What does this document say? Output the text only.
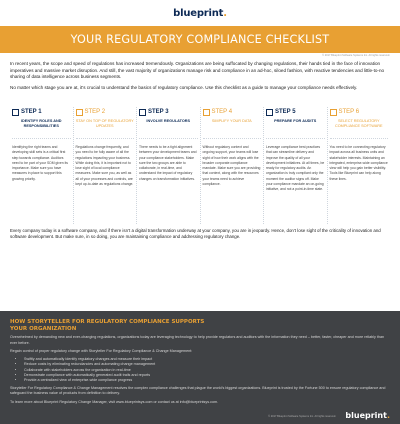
blueprint.
YOUR REGULATORY COMPLIANCE CHECKLIST
© 2017 Blueprint Software Systems Inc. All rights reserved.

In recent years, the scope and speed of regulations has increased tremendously. Organizations are being suffocated by changing regulations, their hands tied in the face of innovation imperatives and massive market disruption. And still, the vast majority of organizations manage risk and compliance in an ad-hoc, siloed fashion, with reactive tendencies and little-to-no sharing of data intelligence across business segments.

No matter which stage you are at, it’s crucial to understand the basics of regulatory compliance. Use this checklist as a guide to manage your compliance needs effectively.

STEP 1
IDENTIFY ROLES AND RESPONSIBILITIES
Identifying the right teams and developing skill sets is a critical first step towards compliance. Auditors need to be part of your SDM given its importance. Make sure you have measures in place to support this growing priority.
STEP 2
STAY ON TOP OF REGULATORY UPDATES
Regulations change frequently, and you need to be fully aware of all the regulations impacting your business. While doing this, it is important not to lose sight of local compliance measures. Make sure you, as well as all of your processes and controls, are kept up-to-date as regulations change.
STEP 3
INVOLVE REGULATORS
There needs to be a tight alignment between your development teams and your compliance stakeholders. Make sure the two groups are able to collaborate, in real-time, and understand the impact of regulatory changes on transformation initiatives.
STEP 4
SIMPLIFY YOUR DATA
Without regulatory context and ongoing support, your teams will lose sight of how their work aligns with the broader corporate compliance mandate. Make sure you are providing that context, along with the resources your teams need to achieve compliance.
STEP 5
PREPARE FOR AUDITS
Leverage compliance best practices that can streamline delivery and improve the quality of all your development initiatives. At all times, be ready for regulatory audits. An organization is truly compliant only the moment the auditor signs off. Make your compliance mandate an on-going initiative, and not a point-in-time state.
STEP 6
SELECT REGULATORY COMPLIANCE SOFTWARE
You need to be connecting regulatory impact across all business units and stakeholder interests. Maintaining an integrated, enterprise-wide compliance view will help you gain better visibility. Tools like Blueprint can help along these lines.

Every company today is a software company, and if there isn’t a digital transformation underway at your company, you are in jeopardy. Hence, don’t lose sight of the criticality of innovation and software development. But make sure, in so doing, you are maintaining compliance and addressing regulatory change.

HOW STORYTELLER FOR REGULATORY COMPLIANCE SUPPORTS
YOUR ORGANIZATION

Overwhelmed by demanding new and ever-changing regulations, organizations today are leveraging technology to help provide regulators and auditors with the information they need – better, faster, cheaper and more reliably than ever before.

Regain control of proper regulatory change with Storyteller For Regulatory Compliance & Change Management:

• Swiftly and automatically identify regulatory changes and measure their impact
• Reduce costs by eliminating redundancies and automating change management
• Collaborate with stakeholders across the organization in real-time
• Demonstrate compliance with automatically generated audit trails and reports
• Provide a centralized view of enterprise-wide compliance progress

Storyteller For Regulatory Compliance & Change Management resolves the complex compliance challenges that plague the world’s biggest organizations. Blueprint is trusted by the Fortune 500 to ensure regulatory compliance and safeguard the business value of products from definition to delivery.

To learn more about Blueprint Regulatory Change Manager, visit www.blueprintsys.com or contact us at info@blueprintsys.com.

© 2017 Blueprint Software Systems Inc. All rights reserved. blueprint.
